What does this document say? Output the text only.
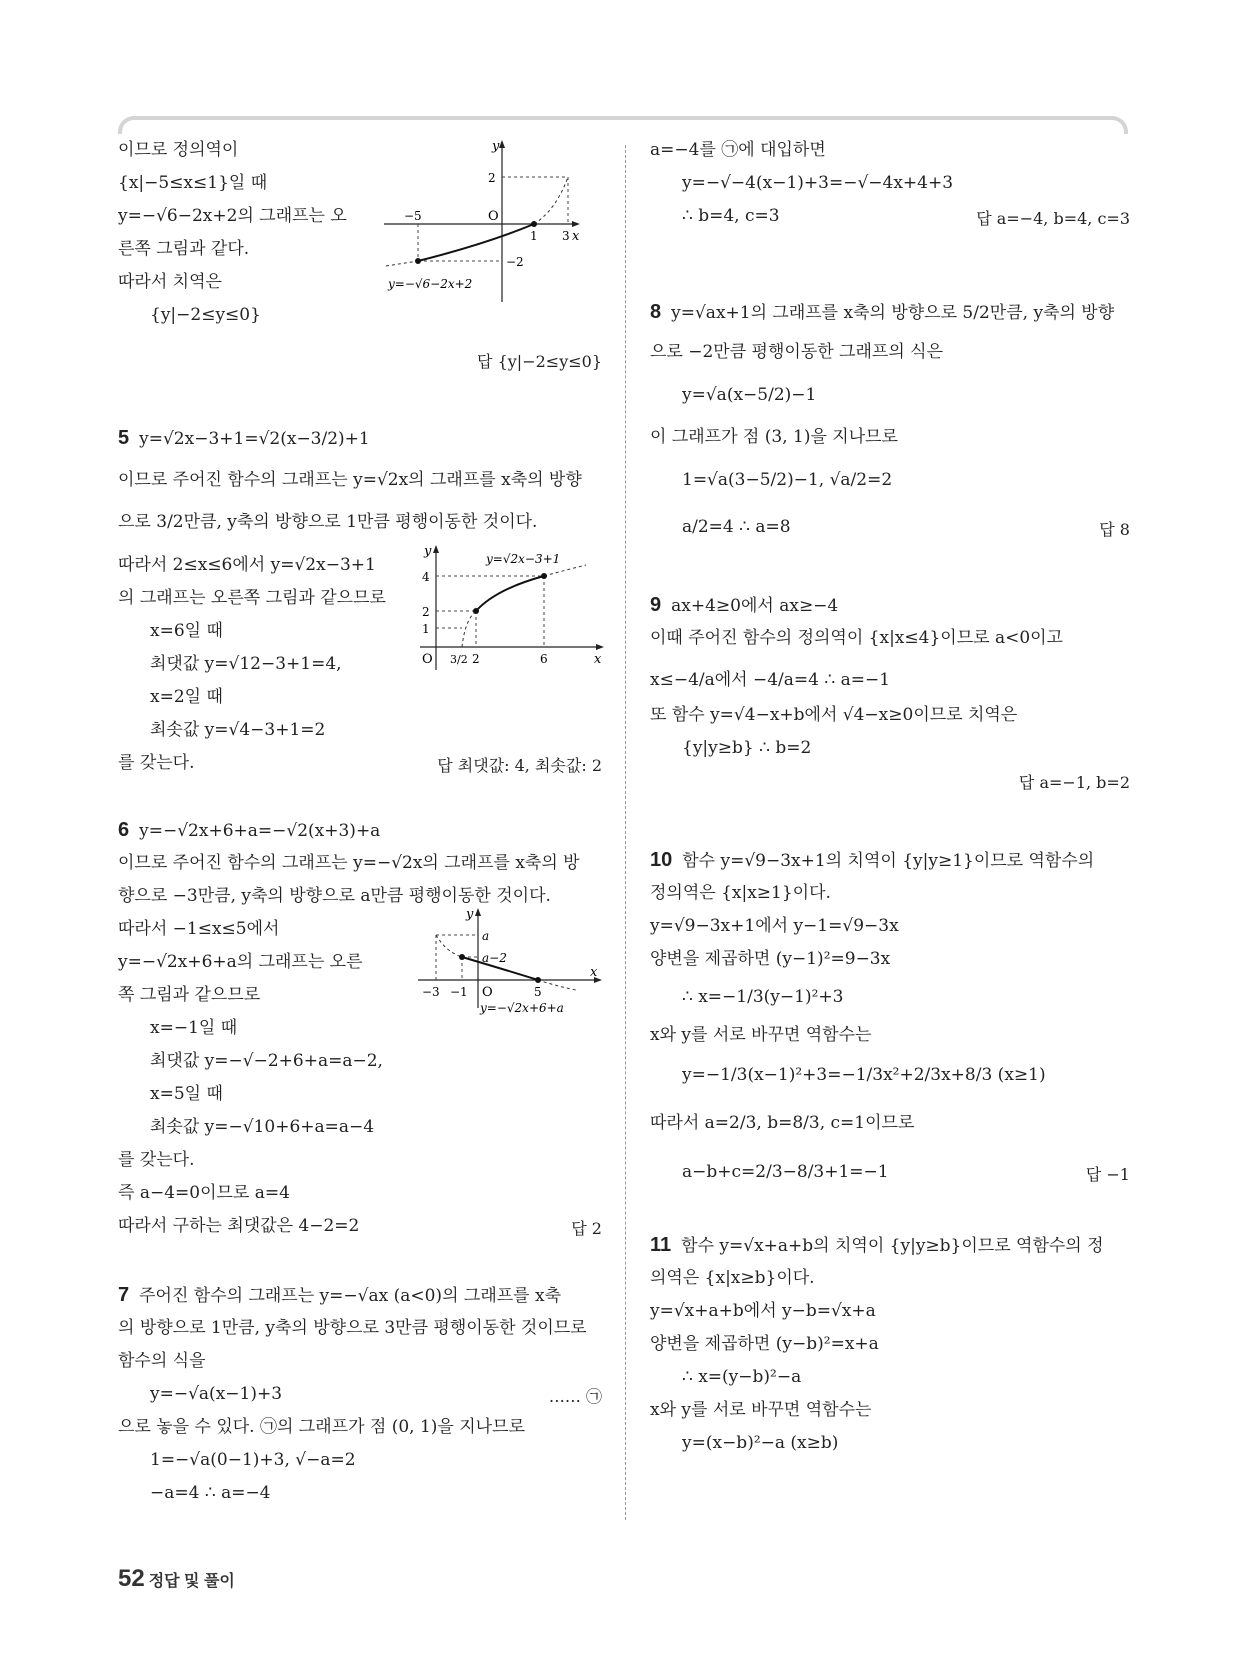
이므로 정의역이
{x|−5≤x≤1}일 때
y=−√6−2x+2의 그래프는 오
른쪽 그림과 같다.
따라서 치역은
{y|−2≤y≤0}
답 {y|−2≤y≤0}
5 y=√2x−3+1=√2(x−3/2)+1
이므로 주어진 함수의 그래프는 y=√2x의 그래프를 x축의 방향
으로 3/2만큼, y축의 방향으로 1만큼 평행이동한 것이다.
따라서 2≤x≤6에서 y=√2x−3+1
의 그래프는 오른쪽 그림과 같으므로
x=6일 때
최댓값 y=√12−3+1=4,
x=2일 때
최솟값 y=√4−3+1=2
를 갖는다.	답 최댓값: 4, 최솟값: 2
6 y=−√2x+6+a=−√2(x+3)+a
이므로 주어진 함수의 그래프는 y=−√2x의 그래프를 x축의 방
향으로 −3만큼, y축의 방향으로 a만큼 평행이동한 것이다.
따라서 −1≤x≤5에서
y=−√2x+6+a의 그래프는 오른
쪽 그림과 같으므로
x=−1일 때
최댓값 y=−√−2+6+a=a−2,
x=5일 때
최솟값 y=−√10+6+a=a−4
를 갖는다.
즉 a−4=0이므로 a=4
따라서 구하는 최댓값은 4−2=2	답 2
7 주어진 함수의 그래프는 y=−√ax (a<0)의 그래프를 x축
의 방향으로 1만큼, y축의 방향으로 3만큼 평행이동한 것이므로
함수의 식을
y=−√a(x−1)+3	…… ㉠
으로 놓을 수 있다. ㉠의 그래프가 점 (0, 1)을 지나므로
1=−√a(0−1)+3, √−a=2
−a=4 ∴ a=−4
y
x
O
2
−5
1 3
−2
y=−√6−2x+2
y
x
O
4
2
1
2	6
3/2
y=√2x−3+1
y
x
O
a
a−2
−3 −1	5
y=−√2x+6+a
a=−4를 ㉠에 대입하면
y=−√−4(x−1)+3=−√−4x+4+3
∴ b=4, c=3	답 a=−4, b=4, c=3
8 y=√ax+1의 그래프를 x축의 방향으로 5/2만큼, y축의 방향
으로 −2만큼 평행이동한 그래프의 식은
y=√a(x−5/2)−1
이 그래프가 점 (3, 1)을 지나므로
1=√a(3−5/2)−1, √a/2=2
a/2=4 ∴ a=8	답 8
9 ax+4≥0에서 ax≥−4
이때 주어진 함수의 정의역이 {x|x≤4}이므로 a<0이고
x≤−4/a에서 −4/a=4 ∴ a=−1
또 함수 y=√4−x+b에서 √4−x≥0이므로 치역은
{y|y≥b} ∴ b=2
답 a=−1, b=2
10 함수 y=√9−3x+1의 치역이 {y|y≥1}이므로 역함수의
정의역은 {x|x≥1}이다.
y=√9−3x+1에서 y−1=√9−3x
양변을 제곱하면 (y−1)²=9−3x
∴ x=−1/3(y−1)²+3
x와 y를 서로 바꾸면 역함수는
y=−1/3(x−1)²+3=−1/3x²+2/3x+8/3 (x≥1)
따라서 a=2/3, b=8/3, c=1이므로
a−b+c=2/3−8/3+1=−1	답 −1
11 함수 y=√x+a+b의 치역이 {y|y≥b}이므로 역함수의 정
의역은 {x|x≥b}이다.
y=√x+a+b에서 y−b=√x+a
양변을 제곱하면 (y−b)²=x+a
∴ x=(y−b)²−a
x와 y를 서로 바꾸면 역함수는
y=(x−b)²−a (x≥b)
52 정답 및 풀이
